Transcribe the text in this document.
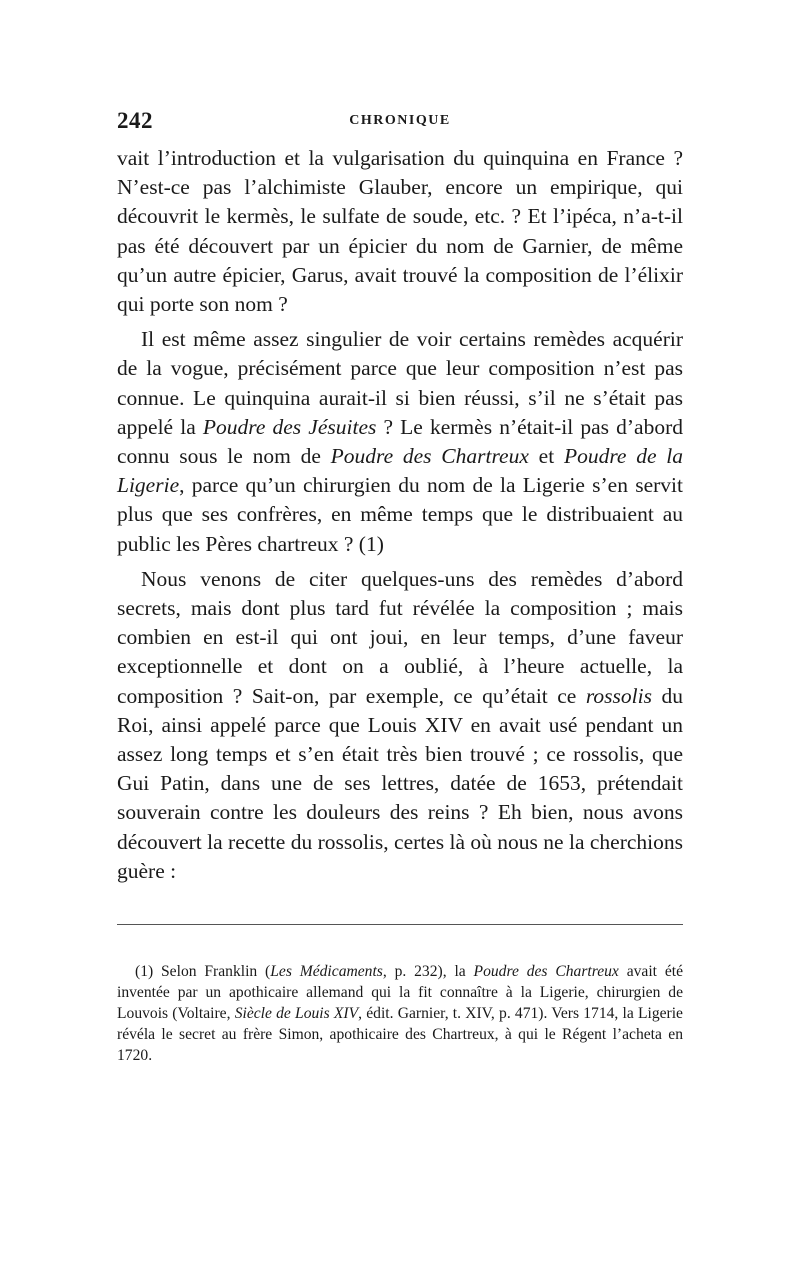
242	CHRONIQUE

vait l’introduction et la vulgarisation du quinquina en France ? N’est-ce pas l’alchimiste Glauber, encore un empirique, qui découvrit le kermès, le sulfate de soude, etc. ? Et l’ipéca, n’a-t-il pas été découvert par un épicier du nom de Garnier, de même qu’un autre épicier, Garus, avait trouvé la composition de l’élixir qui porte son nom ?

Il est même assez singulier de voir certains remèdes acquérir de la vogue, précisément parce que leur composition n’est pas connue. Le quinquina aurait-il si bien réussi, s’il ne s’était pas appelé la Poudre des Jésuites ? Le kermès n’était-il pas d’abord connu sous le nom de Poudre des Chartreux et Poudre de la Ligerie, parce qu’un chirurgien du nom de la Ligerie s’en servit plus que ses confrères, en même temps que le distribuaient au public les Pères chartreux ? (1)

Nous venons de citer quelques-uns des remèdes d’abord secrets, mais dont plus tard fut révélée la composition ; mais combien en est-il qui ont joui, en leur temps, d’une faveur exceptionnelle et dont on a oublié, à l’heure actuelle, la composition ? Sait-on, par exemple, ce qu’était ce rossolis du Roi, ainsi appelé parce que Louis XIV en avait usé pendant un assez long temps et s’en était très bien trouvé ; ce rossolis, que Gui Patin, dans une de ses lettres, datée de 1653, prétendait souverain contre les douleurs des reins ? Eh bien, nous avons découvert la recette du rossolis, certes là où nous ne la cherchions guère :

(1) Selon Franklin (Les Médicaments, p. 232), la Poudre des Chartreux avait été inventée par un apothicaire allemand qui la fit connaître à la Ligerie, chirurgien de Louvois (Voltaire, Siècle de Louis XIV, édit. Garnier, t. XIV, p. 471). Vers 1714, la Ligerie révéla le secret au frère Simon, apothicaire des Chartreux, à qui le Régent l’acheta en 1720.
